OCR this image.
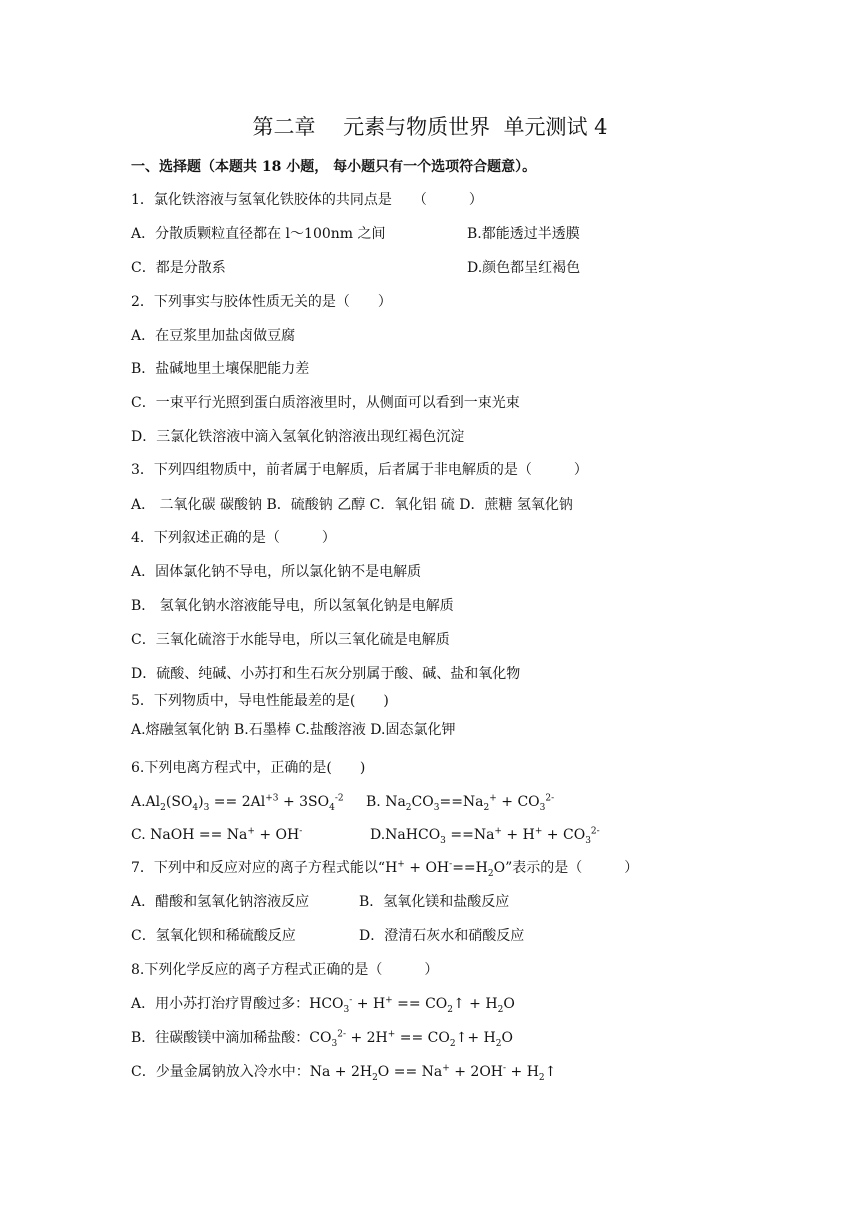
第二章　 元素与物质世界  单元测试 4
一、选择题（本题共 18 小题， 每小题只有一个选项符合题意）。
1．氯化铁溶液与氢氧化铁胶体的共同点是　　（　　　）
A．分散质颗粒直径都在 l～100nm 之间	B.都能透过半透膜
C．都是分散系	D.颜色都呈红褐色
2．下列事实与胶体性质无关的是（　　）
A．在豆浆里加盐卤做豆腐
B．盐碱地里土壤保肥能力差
C．一束平行光照到蛋白质溶液里时，从侧面可以看到一束光束
D．三氯化铁溶液中滴入氢氧化钠溶液出现红褐色沉淀
3．下列四组物质中，前者属于电解质，后者属于非电解质的是（　　　）
A． 二氧化碳 碳酸钠 B．硫酸钠 乙醇 C．氧化铝 硫 D．蔗糖 氢氧化钠
4．下列叙述正确的是（　　　）
A．固体氯化钠不导电，所以氯化钠不是电解质
B． 氢氧化钠水溶液能导电，所以氢氧化钠是电解质
C．三氧化硫溶于水能导电，所以三氧化硫是电解质
D．硫酸、纯碱、小苏打和生石灰分别属于酸、碱、盐和氧化物
5．下列物质中，导电性能最差的是(　　)
A.熔融氢氧化钠 B.石墨棒 C.盐酸溶液 D.固态氯化钾
6.下列电离方程式中，正确的是(　　)
$A.Al_2(SO_4)_3 == 2Al^{+3} + 3SO_4^{-2}$ B. $Na_2CO_3==Na_2^+ + CO_3^{2-}$
C. NaOH == Na+ + OH-	D.NaHCO$_3$ $==Na^+ + H^+ + CO_3^{2-}$
7．下列中和反应对应的离子方程式能以“$H^+ + OH^-==H_2O$”表示的是（　　　）
A．醋酸和氢氧化钠溶液反应	B．氢氧化镁和盐酸反应
C．氢氧化钡和稀硫酸反应	D．澄清石灰水和硝酸反应
8.下列化学反应的离子方程式正确的是（　　　）
A．用小苏打治疗胃酸过多：$HCO_3^- + H^+$ == $CO_2↑ + H_2O$
B．往碳酸镁中滴加稀盐酸：$CO_3^{2-} + 2H^+$ == $CO_2↑+ H_2O$
C．少量金属钠放入冷水中：$Na + 2H_2O == Na^+ + 2OH^-$ + $H_2↑$
